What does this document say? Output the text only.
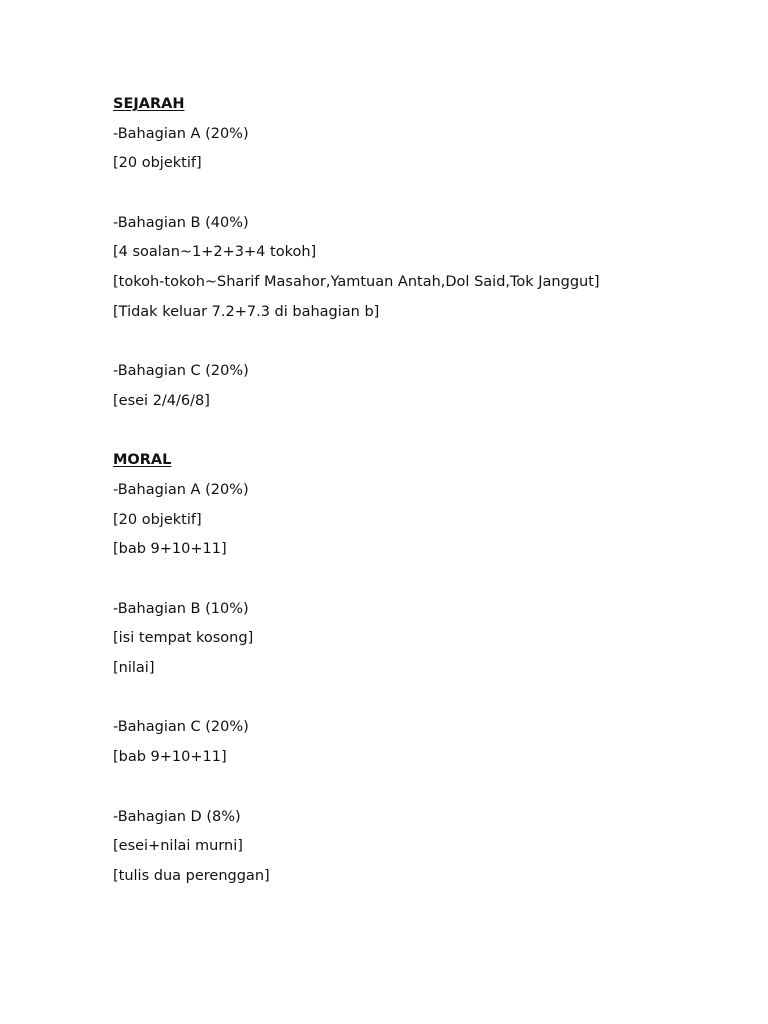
SEJARAH
-Bahagian A (20%)
[20 objektif]
-Bahagian B (40%)
[4 soalan~1+2+3+4 tokoh]
[tokoh-tokoh~Sharif Masahor,Yamtuan Antah,Dol Said,Tok Janggut]
[Tidak keluar 7.2+7.3 di bahagian b]
-Bahagian C (20%)
[esei 2/4/6/8]
MORAL
-Bahagian A (20%)
[20 objektif]
[bab 9+10+11]
-Bahagian B (10%)
[isi tempat kosong]
[nilai]
-Bahagian C (20%)
[bab 9+10+11]
-Bahagian D (8%)
[esei+nilai murni]
[tulis dua perenggan]
